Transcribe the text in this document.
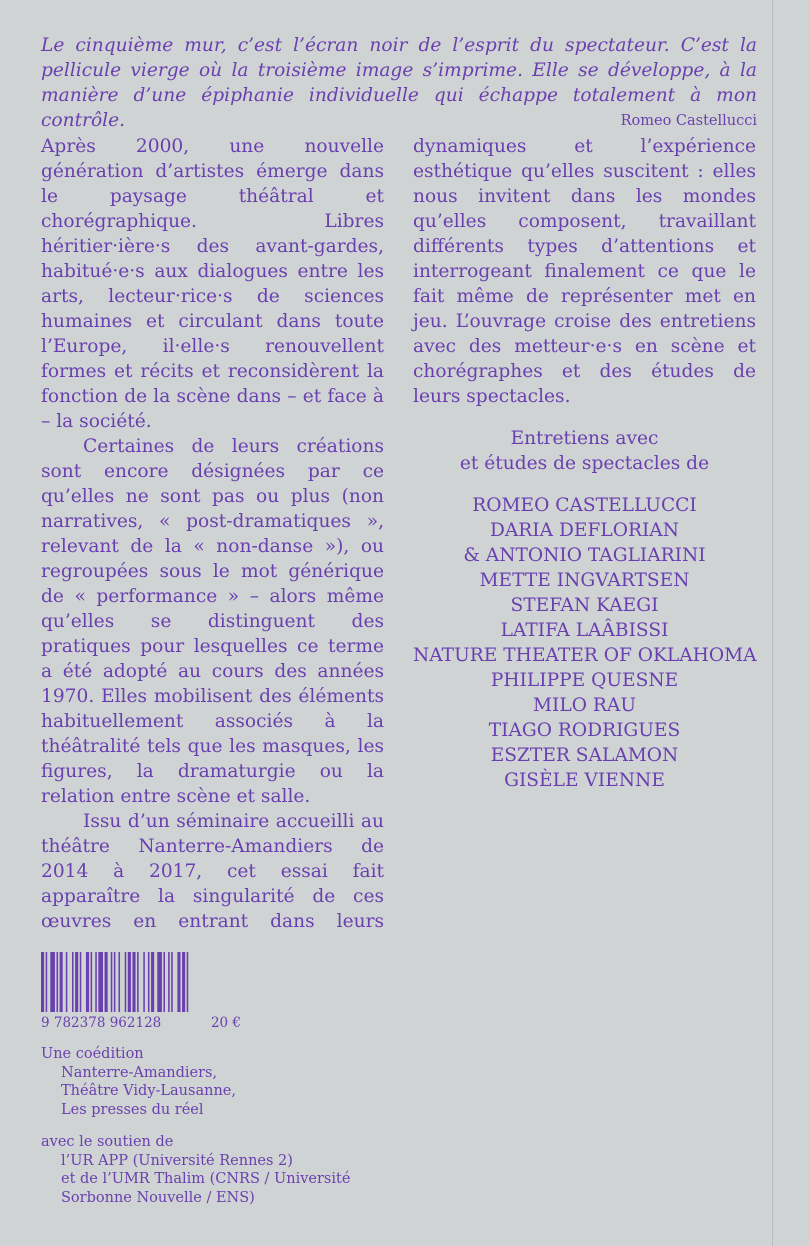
Le cinquième mur, c’est l’écran noir de l’esprit du spectateur. C’est la pellicule vierge où la troisième image s’imprime. Elle se développe, à la manière d’une épiphanie individuelle qui échappe totalement à mon contrôle.	Romeo Castellucci

Après 2000, une nouvelle génération d’artistes émerge dans le paysage théâtral et chorégraphique. Libres héritier·ière·s des avant-gardes, habitué·e·s aux dialogues entre les arts, lecteur·rice·s de sciences humaines et circulant dans toute l’Europe, il·elle·s renouvellent formes et récits et reconsidèrent la fonction de la scène dans – et face à – la société.

Certaines de leurs créations sont encore désignées par ce qu’elles ne sont pas ou plus (non narratives, « post-dramatiques », relevant de la « non-danse »), ou regroupées sous le mot générique de « performance » – alors même qu’elles se distinguent des pratiques pour lesquelles ce terme a été adopté au cours des années 1970. Elles mobilisent des éléments habituellement associés à la théâtralité tels que les masques, les figures, la dramaturgie ou la relation entre scène et salle.

Issu d’un séminaire accueilli au théâtre Nanterre-Amandiers de 2014 à 2017, cet essai fait apparaître la singularité de ces œuvres en entrant dans leurs

dynamiques et l’expérience esthétique qu’elles suscitent : elles nous invitent dans les mondes qu’elles composent, travaillant différents types d’attentions et interrogeant finalement ce que le fait même de représenter met en jeu. L’ouvrage croise des entretiens avec des metteur·e·s en scène et chorégraphes et des études de leurs spectacles.

Entretiens avec
et études de spectacles de
ROMEO CASTELLUCCI
DARIA DEFLORIAN
& ANTONIO TAGLIARINI
METTE INGVARTSEN
STEFAN KAEGI
LATIFA LAÂBISSI
NATURE THEATER OF OKLAHOMA
PHILIPPE QUESNE
MILO RAU
TIAGO RODRIGUES
ESZTER SALAMON
GISÈLE VIENNE
9 782378 962128	20 €
Une coédition
Nanterre-Amandiers,
Théâtre Vidy-Lausanne,
Les presses du réel
avec le soutien de
l’UR APP (Université Rennes 2)
et de l’UMR Thalim (CNRS / Université
Sorbonne Nouvelle / ENS)
